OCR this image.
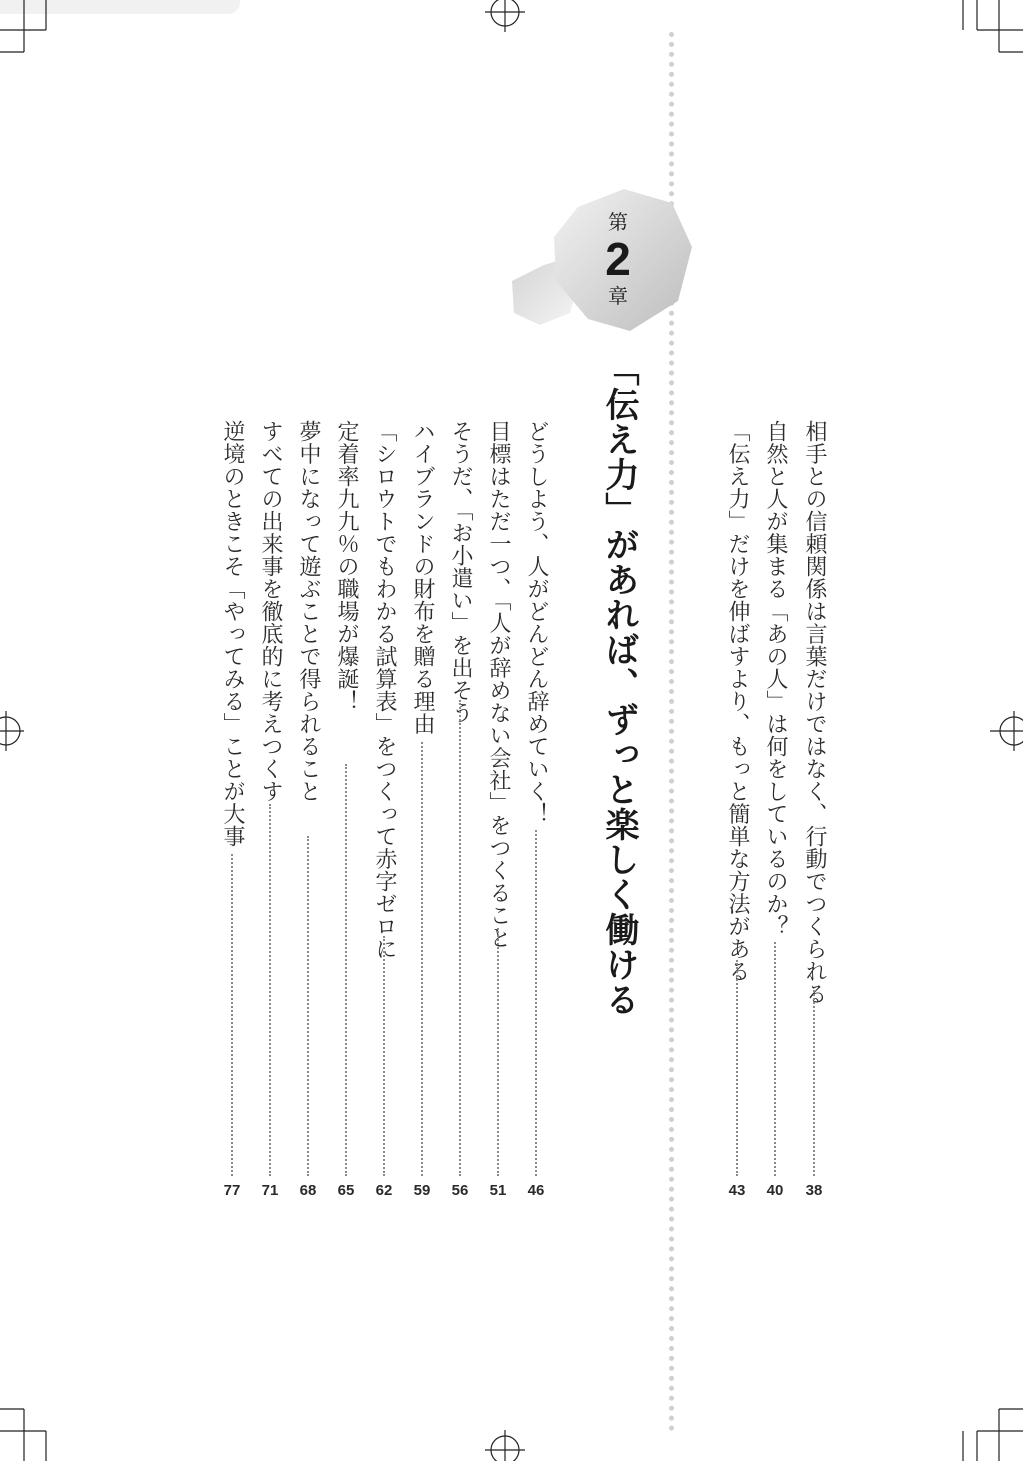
第
2
章
「伝え力」があれば、ずっと楽しく働ける	相手との信頼関係は言葉だけではなく、行動でつくられる
38
自然と人が集まる「あの人」は何をしているのか？
40
「伝え力」だけを伸ばすより、もっと簡単な方法がある
43
どうしよう、人がどんどん辞めていく！
46
目標はただ一つ、「人が辞めない会社」をつくること
51
そうだ、「お小遣い」を出そう
56
ハイブランドの財布を贈る理由
59
「シロウトでもわかる試算表」をつくって赤字ゼロに
62
定着率九九％の職場が爆誕！
65
夢中になって遊ぶことで得られること
68
すべての出来事を徹底的に考えつくす
71
逆境のときこそ「やってみる」ことが大事
77
